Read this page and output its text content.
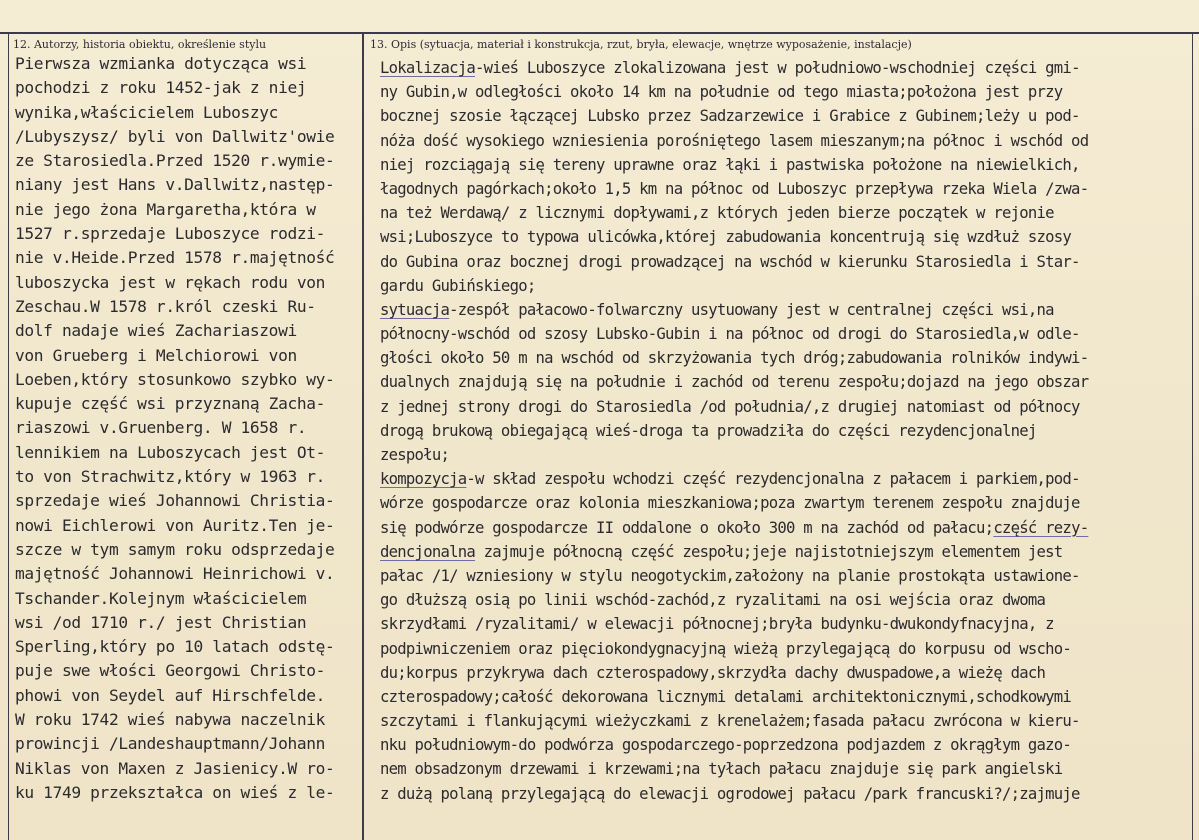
12. Autorzy, historia obiektu, określenie stylu	13. Opis (sytuacja, materiał i konstrukcja, rzut, bryła, elewacje, wnętrze wyposażenie, instalacje)
Pierwsza wzmianka dotycząca wsi
pochodzi z roku 1452-jak z niej
wynika,właścicielem Luboszyc
/Lubyszysz/ byli von Dallwitz'owie
ze Starosiedla.Przed 1520 r.wymie-
niany jest Hans v.Dallwitz,następ-
nie jego żona Margaretha,która w
1527 r.sprzedaje Luboszyce rodzi-
nie v.Heide.Przed 1578 r.majętność
luboszycka jest w rękach rodu von
Zeschau.W 1578 r.król czeski Ru-
dolf nadaje wieś Zachariaszowi
von Grueberg i Melchiorowi von
Loeben,który stosunkowo szybko wy-
kupuje część wsi przyznaną Zacha-
riaszowi v.Gruenberg. W 1658 r.
lennikiem na Luboszycach jest Ot-
to von Strachwitz,który w 1963 r.
sprzedaje wieś Johannowi Christia-
nowi Eichlerowi von Auritz.Ten je-
szcze w tym samym roku odsprzedaje
majętność Johannowi Heinrichowi v.
Tschander.Kolejnym właścicielem
wsi /od 1710 r./ jest Christian
Sperling,który po 10 latach odstę-
puje swe włości Georgowi Christo-
phowi von Seydel auf Hirschfelde.
W roku 1742 wieś nabywa naczelnik
prowincji /Landeshauptmann/Johann
Niklas von Maxen z Jasienicy.W ro-
ku 1749 przekształca on wieś z le-
Lokalizacja-wieś Luboszyce zlokalizowana jest w południowo-wschodniej części gmi-
ny Gubin,w odległości około 14 km na południe od tego miasta;położona jest przy
bocznej szosie łączącej Lubsko przez Sadzarzewice i Grabice z Gubinem;leży u pod-
nóża dość wysokiego wzniesienia porośniętego lasem mieszanym;na północ i wschód od
niej rozciągają się tereny uprawne oraz łąki i pastwiska położone na niewielkich,
łagodnych pagórkach;około 1,5 km na północ od Luboszyc przepływa rzeka Wiela /zwa-
na też Werdawą/ z licznymi dopływami,z których jeden bierze początek w rejonie
wsi;Luboszyce to typowa ulicówka,której zabudowania koncentrują się wzdłuż szosy
do Gubina oraz bocznej drogi prowadzącej na wschód w kierunku Starosiedla i Star-
gardu Gubińskiego;
sytuacja-zespół pałacowo-folwarczny usytuowany jest w centralnej części wsi,na
północny-wschód od szosy Lubsko-Gubin i na północ od drogi do Starosiedla,w odle-
głości około 50 m na wschód od skrzyżowania tych dróg;zabudowania rolników indywi-
dualnych znajdują się na południe i zachód od terenu zespołu;dojazd na jego obszar
z jednej strony drogi do Starosiedla /od południa/,z drugiej natomiast od północy
drogą brukową obiegającą wieś-droga ta prowadziła do części rezydencjonalnej
zespołu;
kompozycja-w skład zespołu wchodzi część rezydencjonalna z pałacem i parkiem,pod-
wórze gospodarcze oraz kolonia mieszkaniowa;poza zwartym terenem zespołu znajduje
się podwórze gospodarcze II oddalone o około 300 m na zachód od pałacu;część rezy-
dencjonalna zajmuje północną część zespołu;jeje najistotniejszym elementem jest
pałac /1/ wzniesiony w stylu neogotyckim,założony na planie prostokąta ustawione-
go dłuższą osią po linii wschód-zachód,z ryzalitami na osi wejścia oraz dwoma
skrzydłami /ryzalitami/ w elewacji północnej;bryła budynku-dwukondyfnacyjna, z
podpiwniczeniem oraz pięciokondygnacyjną wieżą przylegającą do korpusu od wscho-
du;korpus przykrywa dach czterospadowy,skrzydła dachy dwuspadowe,a wieżę dach
czterospadowy;całość dekorowana licznymi detalami architektonicznymi,schodkowymi
szczytami i flankującymi wieżyczkami z krenelażem;fasada pałacu zwrócona w kieru-
nku południowym-do podwórza gospodarczego-poprzedzona podjazdem z okrągłym gazo-
nem obsadzonym drzewami i krzewami;na tyłach pałacu znajduje się park angielski
z dużą polaną przylegającą do elewacji ogrodowej pałacu /park francuski?/;zajmuje
